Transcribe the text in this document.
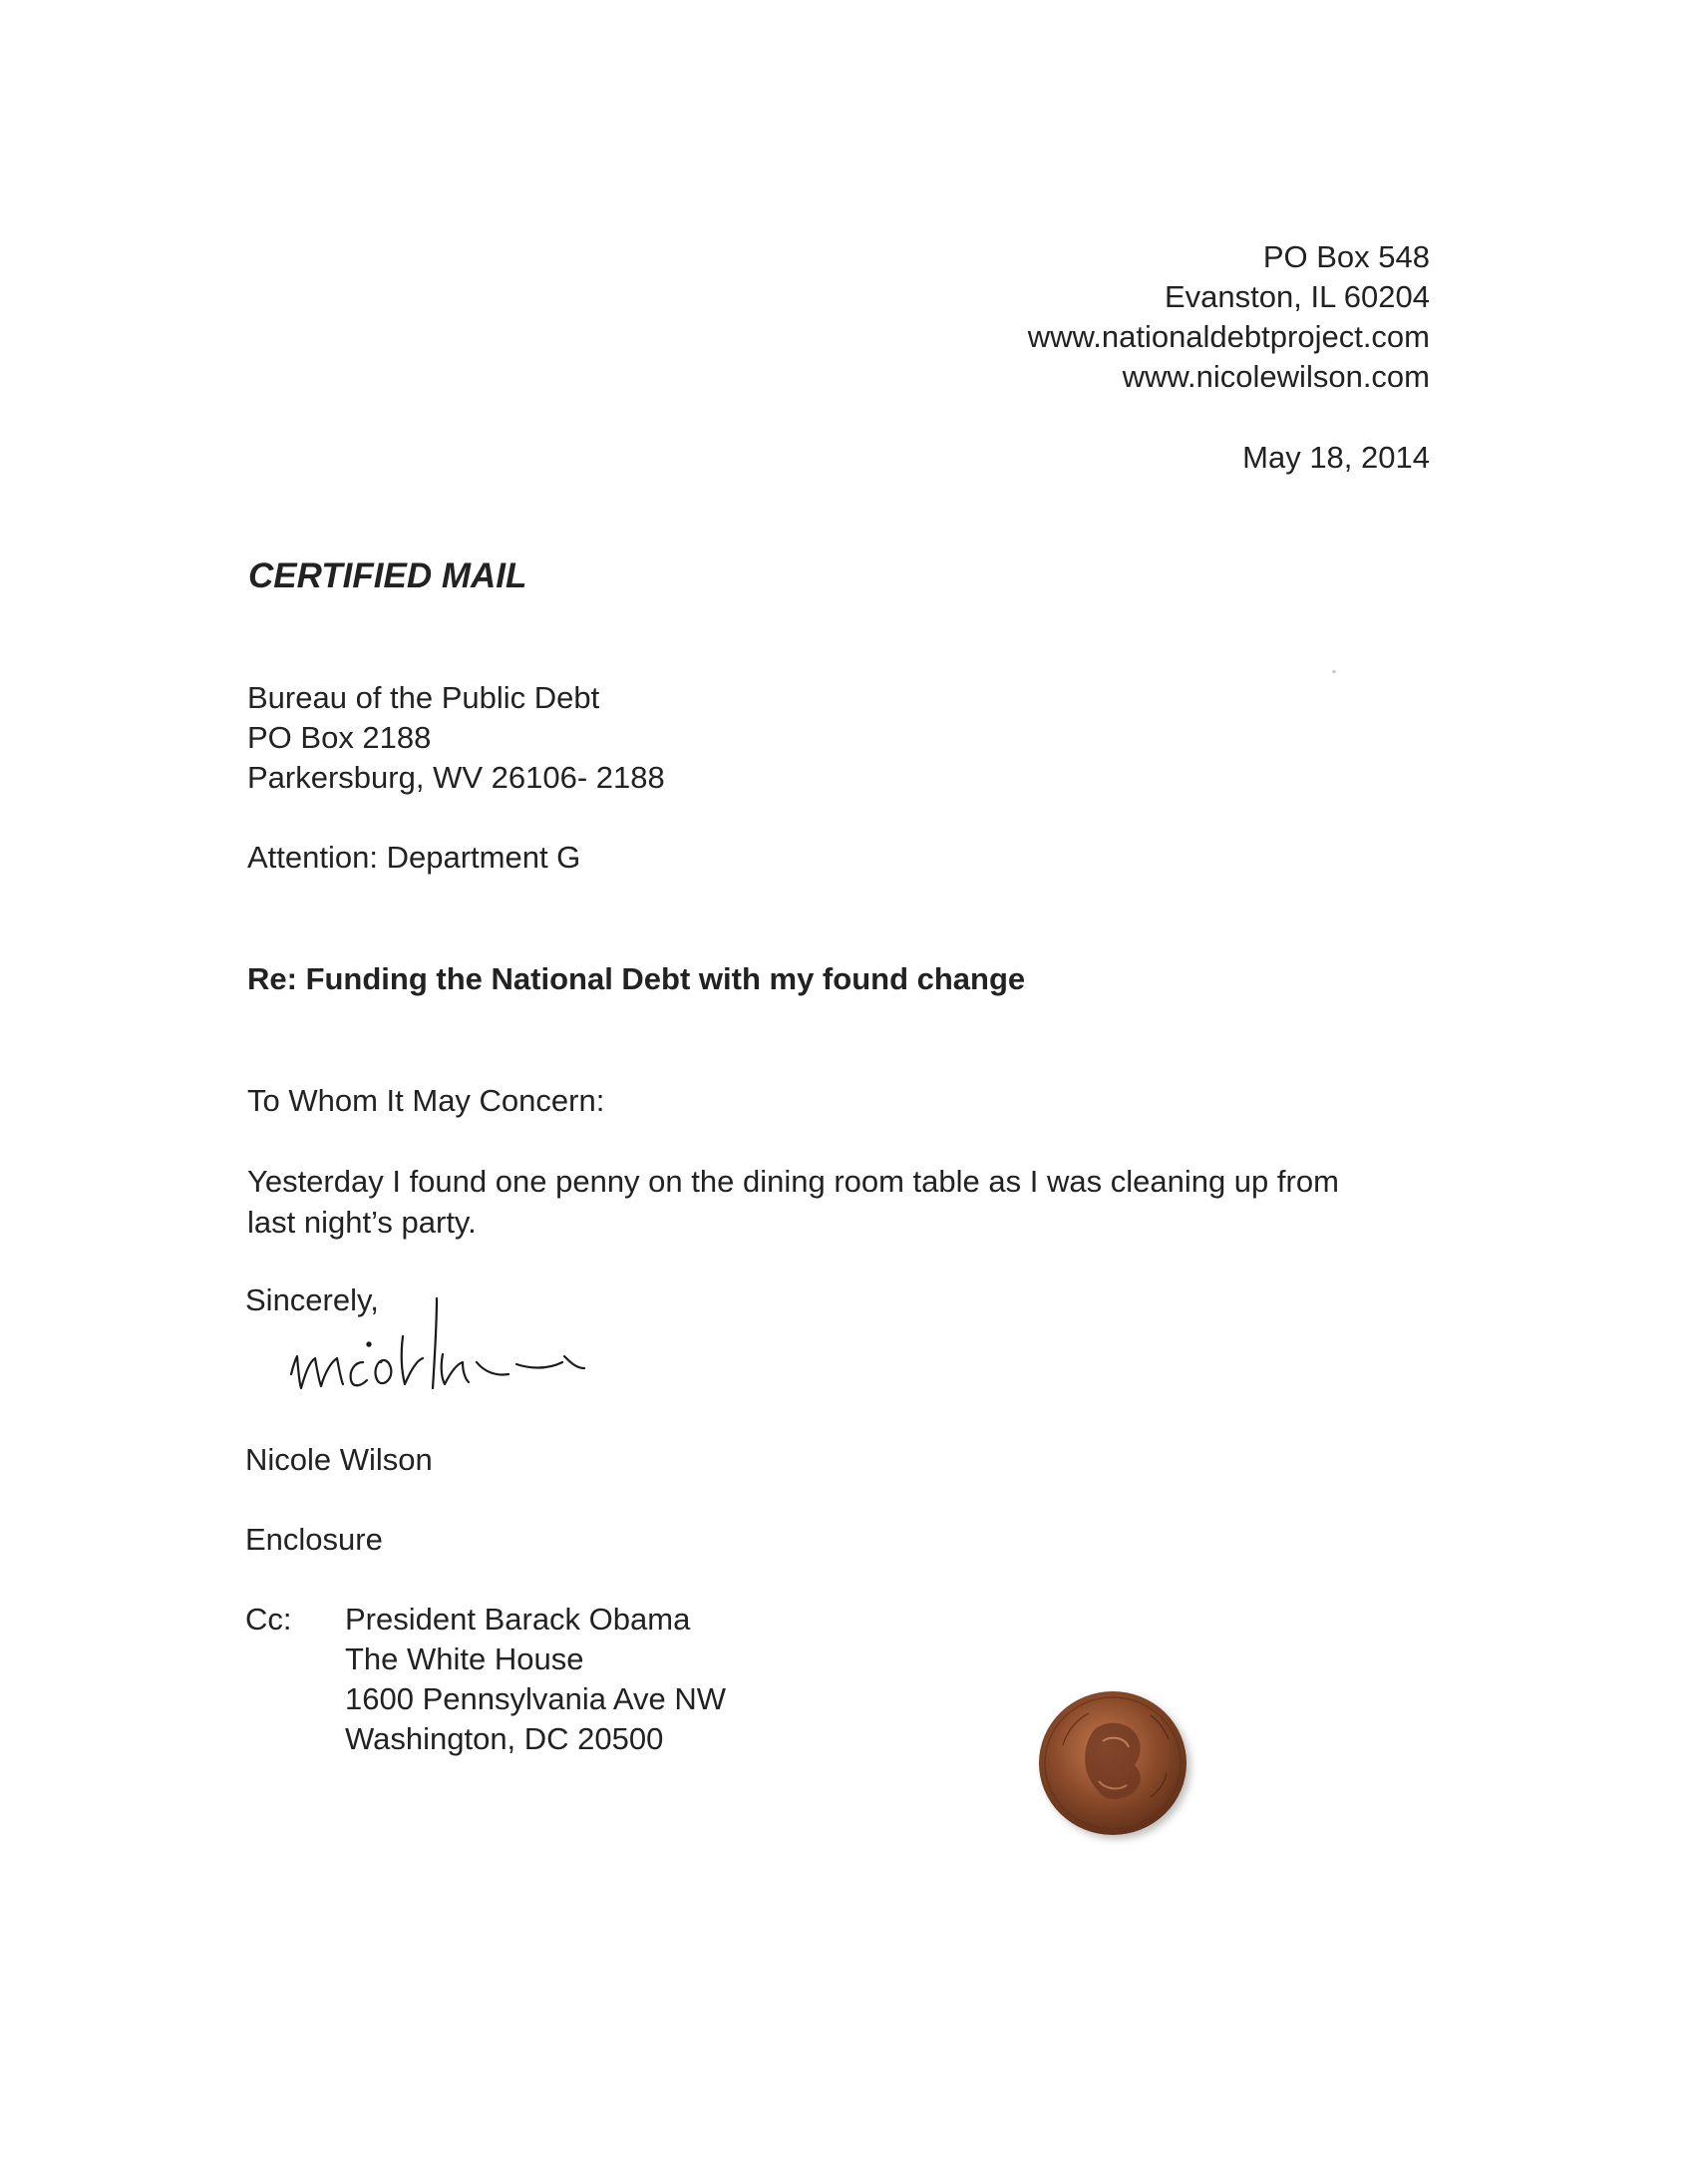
PO Box 548
Evanston, IL 60204
www.nationaldebtproject.com
www.nicolewilson.com
May 18, 2014
CERTIFIED MAIL
Bureau of the Public Debt
PO Box 2188
Parkersburg, WV 26106- 2188
Attention: Department G
Re: Funding the National Debt with my found change
To Whom It May Concern:
Yesterday I found one penny on the dining room table as I was cleaning up from
last night’s party.
Sincerely,
Nicole Wilson
Enclosure
Cc: President Barack Obama
The White House
1600 Pennsylvania Ave NW
Washington, DC 20500
